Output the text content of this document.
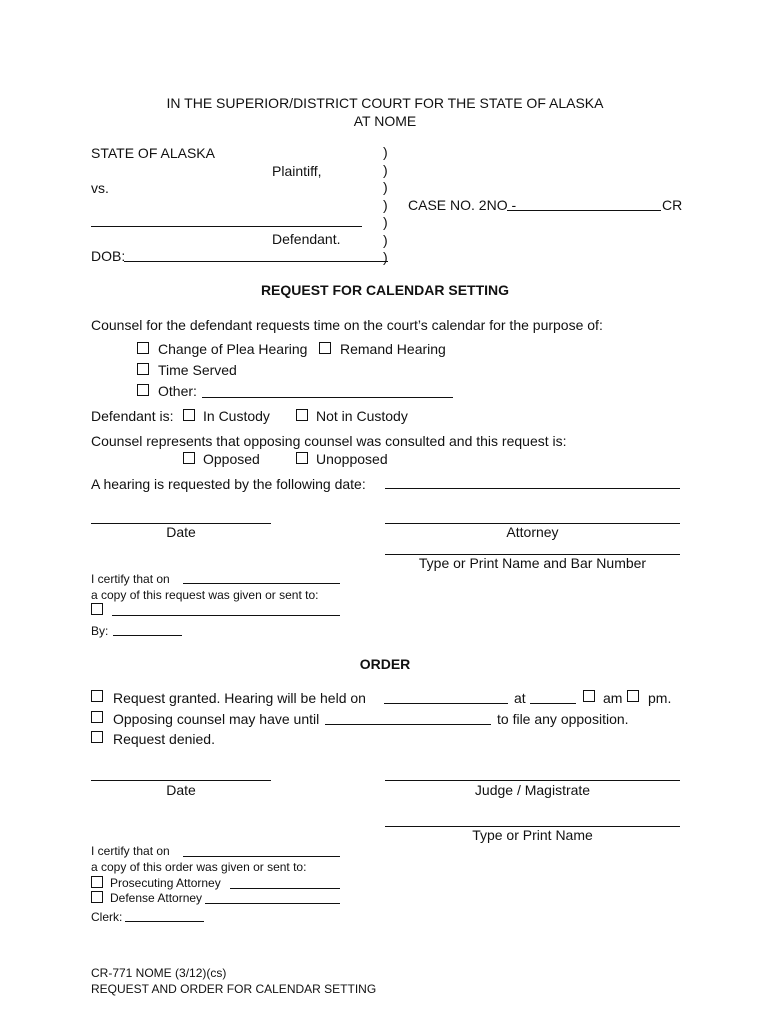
IN THE SUPERIOR/DISTRICT COURT FOR THE STATE OF ALASKA
AT NOME
STATE OF ALASKA
Plaintiff,
vs.
Defendant.
DOB:
)
)
)
)
)
)
)
CASE NO. 2NO -	CR
REQUEST FOR CALENDAR SETTING
Counsel for the defendant requests time on the court’s calendar for the purpose of:
Change of Plea Hearing Remand Hearing
Time Served
Other:
Defendant is: In Custody	Not in Custody
Counsel represents that opposing counsel was consulted and this request is:
Opposed	Unopposed
A hearing is requested by the following date:
Date	Attorney
Type or Print Name and Bar Number
I certify that on
a copy of this request was given or sent to:
By:
ORDER
Request granted. Hearing will be held on	at	am pm.
Opposing counsel may have until	to file any opposition.
Request denied.
Date	Judge / Magistrate
Type or Print Name
I certify that on
a copy of this order was given or sent to:
Prosecuting Attorney
Defense Attorney
Clerk:
CR-771 NOME (3/12)(cs)
REQUEST AND ORDER FOR CALENDAR SETTING
